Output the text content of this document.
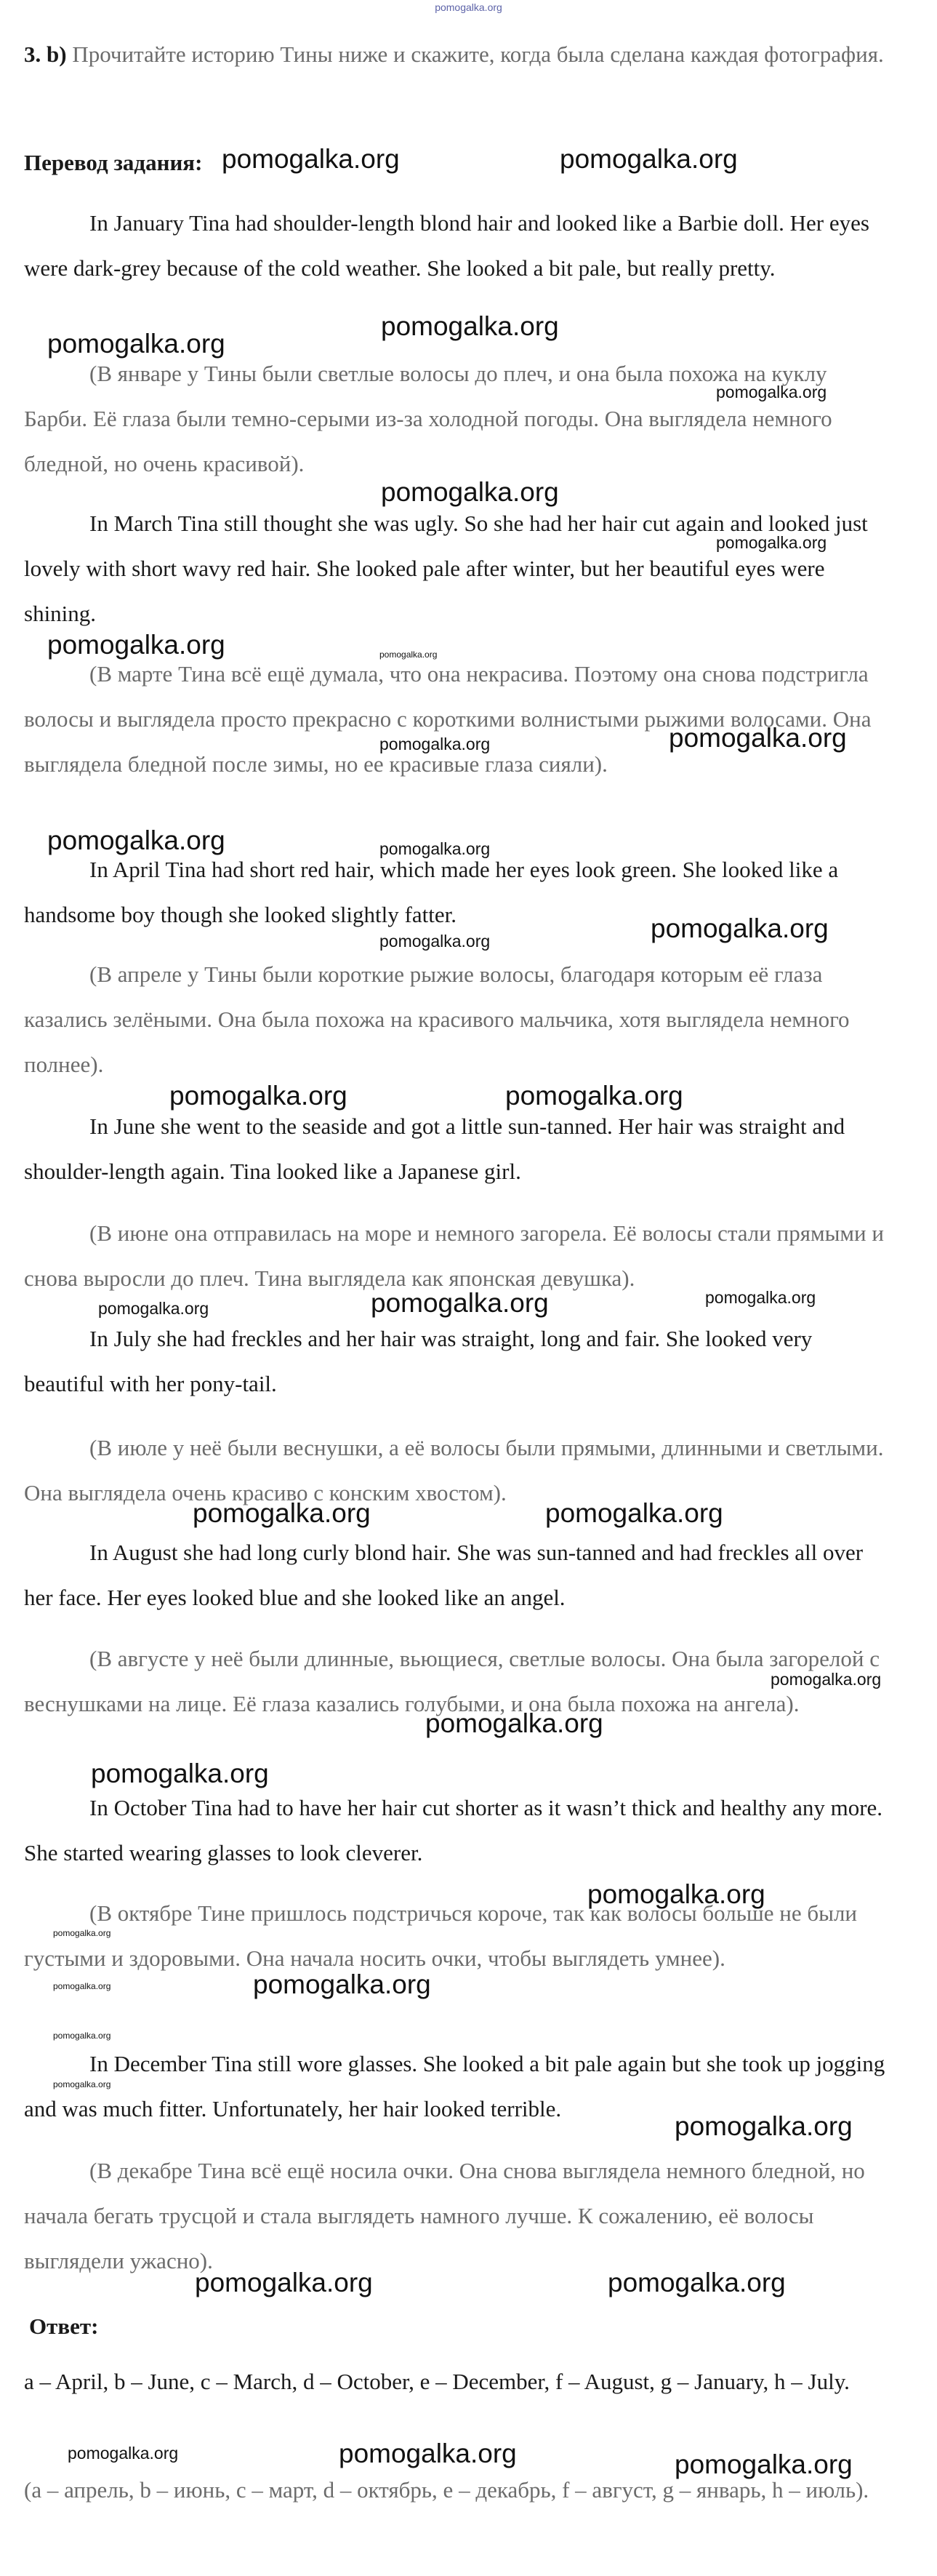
pomogalka.org

3. b) Прочитайте историю Тины ниже и скажите, когда была сделана каждая фотография.

Перевод задания:

In January Tina had shoulder-length blond hair and looked like a Barbie doll. Her eyes were dark-grey because of the cold weather. She looked a bit pale, but really pretty.

(В январе у Тины были светлые волосы до плеч, и она была похожа на куклу Барби. Её глаза были темно-серыми из-за холодной погоды. Она выглядела немного бледной, но очень красивой).

In March Tina still thought she was ugly. So she had her hair cut again and looked just lovely with short wavy red hair. She looked pale after winter, but her beautiful eyes were shining.

(В марте Тина всё ещё думала, что она некрасива. Поэтому она снова подстригла волосы и выглядела просто прекрасно с короткими волнистыми рыжими волосами. Она выглядела бледной после зимы, но ее красивые глаза сияли).

In April Tina had short red hair, which made her eyes look green. She looked like a handsome boy though she looked slightly fatter.

(В апреле у Тины были короткие рыжие волосы, благодаря которым её глаза казались зелёными. Она была похожа на красивого мальчика, хотя выглядела немного полнее).

In June she went to the seaside and got a little sun-tanned. Her hair was straight and shoulder-length again. Tina looked like a Japanese girl.

(В июне она отправилась на море и немного загорела. Её волосы стали прямыми и снова выросли до плеч. Тина выглядела как японская девушка).

In July she had freckles and her hair was straight, long and fair. She looked very beautiful with her pony-tail.

(В июле у неё были веснушки, а её волосы были прямыми, длинными и светлыми. Она выглядела очень красиво с конским хвостом).

In August she had long curly blond hair. She was sun-tanned and had freckles all over her face. Her eyes looked blue and she looked like an angel.

(В августе у неё были длинные, вьющиеся, светлые волосы. Она была загорелой с веснушками на лице. Её глаза казались голубыми, и она была похожа на ангела).

In October Tina had to have her hair cut shorter as it wasn’t thick and healthy any more. She started wearing glasses to look cleverer.

(В октябре Тине пришлось подстричься короче, так как волосы больше не были густыми и здоровыми. Она начала носить очки, чтобы выглядеть умнее).

In December Tina still wore glasses. She looked a bit pale again but she took up jogging and was much fitter. Unfortunately, her hair looked terrible.

(В декабре Тина всё ещё носила очки. Она снова выглядела немного бледной, но начала бегать трусцой и стала выглядеть намного лучше. К сожалению, её волосы выглядели ужасно).

Ответ:

a – April, b – June, c – March, d – October, e – December, f – August, g – January, h – July.

(a – апрель, b – июнь, c – март, d – октябрь, e – декабрь, f – август, g – январь, h – июль).

pomogalka.org	pomogalka.org
pomogalka.org
pomogalka.org
pomogalka.org
pomogalka.org
pomogalka.org
pomogalka.org	pomogalka.org
pomogalka.org	pomogalka.org
pomogalka.org	pomogalka.org
pomogalka.org	pomogalka.org
pomogalka.org	pomogalka.org
pomogalka.org	pomogalka.org	pomogalka.org
pomogalka.org	pomogalka.org
pomogalka.org
pomogalka.org
pomogalka.org
pomogalka.org
pomogalka.org
pomogalka.org
pomogalka.org
pomogalka.org
pomogalka.org
pomogalka.org
pomogalka.org	pomogalka.org
pomogalka.org	pomogalka.org	pomogalka.org
